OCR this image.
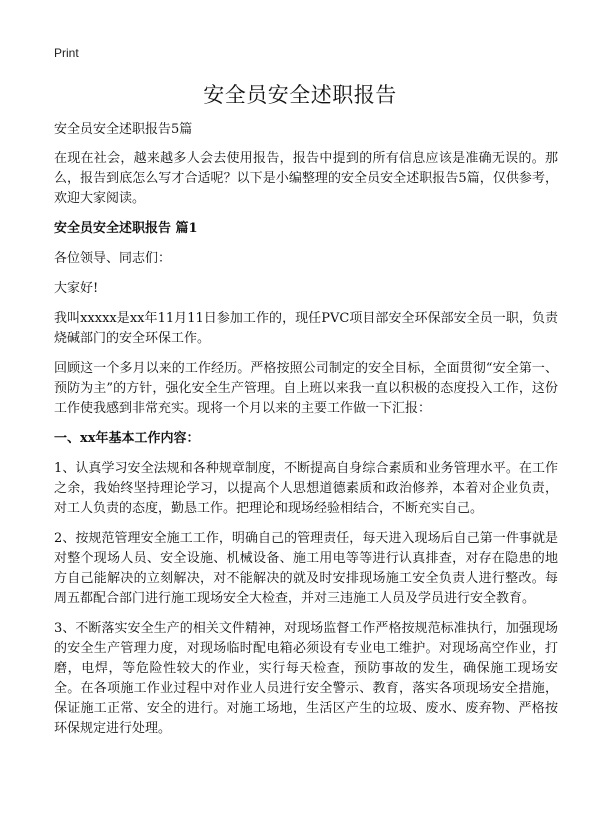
Print
安全员安全述职报告

安全员安全述职报告5篇

在现在社会，越来越多人会去使用报告，报告中提到的所有信息应该是准确无误的。那么，报告到底怎么写才合适呢？以下是小编整理的安全员安全述职报告5篇，仅供参考，欢迎大家阅读。

安全员安全述职报告 篇1

各位领导、同志们：

大家好!

我叫xxxxx是xx年11月11日参加工作的，现任PVC项目部安全环保部安全员一职，负责烧碱部门的安全环保工作。

回顾这一个多月以来的工作经历。严格按照公司制定的安全目标，全面贯彻“安全第一、预防为主”的方针，强化安全生产管理。自上班以来我一直以积极的态度投入工作，这份工作使我感到非常充实。现将一个月以来的主要工作做一下汇报：

一、xx年基本工作内容：

1、认真学习安全法规和各种规章制度，不断提高自身综合素质和业务管理水平。在工作之余，我始终坚持理论学习，以提高个人思想道德素质和政治修养，本着对企业负责，对工人负责的态度，勤恳工作。把理论和现场经验相结合，不断充实自己。

2、按规范管理安全施工工作，明确自己的管理责任，每天进入现场后自己第一件事就是对整个现场人员、安全设施、机械设备、施工用电等等进行认真排查，对存在隐患的地方自己能解决的立刻解决，对不能解决的就及时安排现场施工安全负责人进行整改。每周五都配合部门进行施工现场安全大检查，并对三违施工人员及学员进行安全教育。

3、不断落实安全生产的相关文件精神，对现场监督工作严格按规范标准执行，加强现场的安全生产管理力度，对现场临时配电箱必须设有专业电工维护。对现场高空作业，打磨，电焊，等危险性较大的作业，实行每天检查，预防事故的发生，确保施工现场安全。在各项施工作业过程中对作业人员进行安全警示、教育，落实各项现场安全措施，保证施工正常、安全的进行。对施工场地，生活区产生的垃圾、废水、废弃物、严格按环保规定进行处理。
